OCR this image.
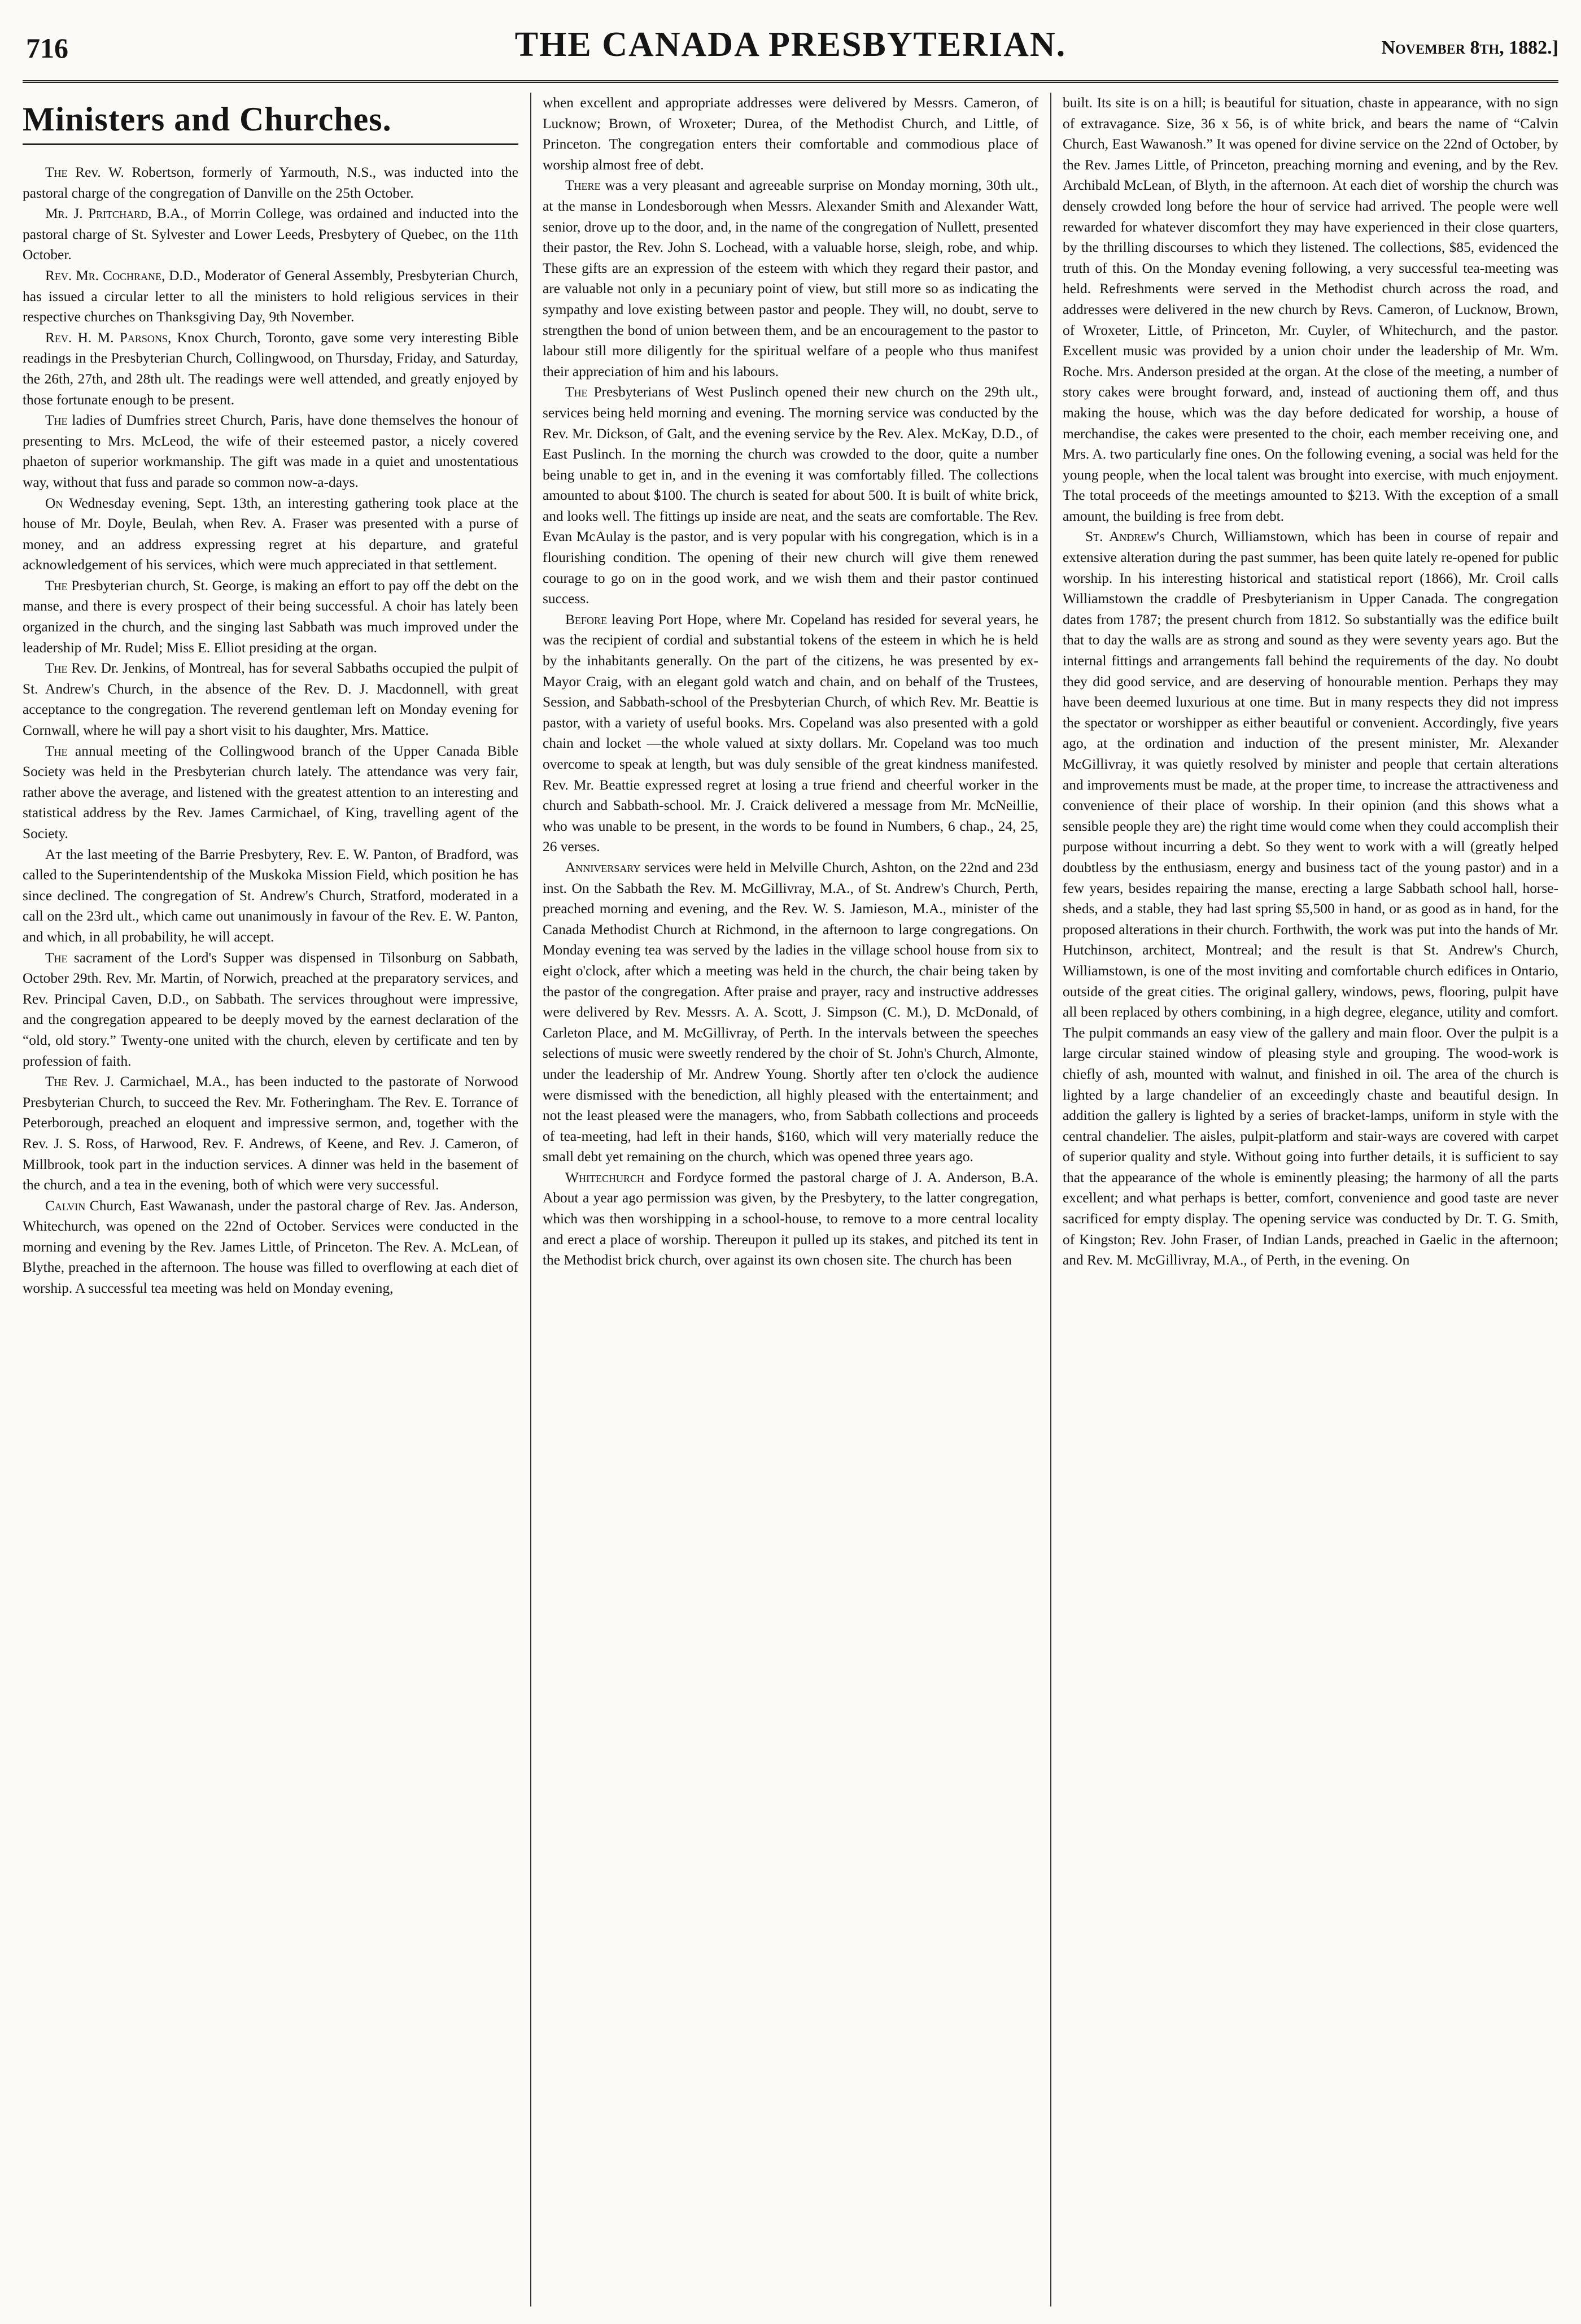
716	THE CANADA PRESBYTERIAN.	November 8th, 1882.]
Ministers and Churches.

The Rev. W. Robertson, formerly of Yarmouth, N.S., was inducted into the pastoral charge of the congregation of Danville on the 25th October.

Mr. J. Pritchard, B.A., of Morrin College, was ordained and inducted into the pastoral charge of St. Sylvester and Lower Leeds, Presbytery of Quebec, on the 11th October.

Rev. Mr. Cochrane, D.D., Moderator of General Assembly, Presbyterian Church, has issued a circular letter to all the ministers to hold religious services in their respective churches on Thanksgiving Day, 9th November.

Rev. H. M. Parsons, Knox Church, Toronto, gave some very interesting Bible readings in the Presbyterian Church, Collingwood, on Thursday, Friday, and Saturday, the 26th, 27th, and 28th ult. The readings were well attended, and greatly enjoyed by those fortunate enough to be present.

The ladies of Dumfries street Church, Paris, have done themselves the honour of presenting to Mrs. McLeod, the wife of their esteemed pastor, a nicely covered phaeton of superior workmanship. The gift was made in a quiet and unostentatious way, without that fuss and parade so common now-a-days.

On Wednesday evening, Sept. 13th, an interesting gathering took place at the house of Mr. Doyle, Beulah, when Rev. A. Fraser was presented with a purse of money, and an address expressing regret at his departure, and grateful acknowledgement of his services, which were much appreciated in that settlement.

The Presbyterian church, St. George, is making an effort to pay off the debt on the manse, and there is every prospect of their being successful. A choir has lately been organized in the church, and the singing last Sabbath was much improved under the leadership of Mr. Rudel; Miss E. Elliot presiding at the organ.

The Rev. Dr. Jenkins, of Montreal, has for several Sabbaths occupied the pulpit of St. Andrew's Church, in the absence of the Rev. D. J. Macdonnell, with great acceptance to the congregation. The reverend gentleman left on Monday evening for Cornwall, where he will pay a short visit to his daughter, Mrs. Mattice.

The annual meeting of the Collingwood branch of the Upper Canada Bible Society was held in the Presbyterian church lately. The attendance was very fair, rather above the average, and listened with the greatest attention to an interesting and statistical address by the Rev. James Carmichael, of King, travelling agent of the Society.

At the last meeting of the Barrie Presbytery, Rev. E. W. Panton, of Bradford, was called to the Superintendentship of the Muskoka Mission Field, which position he has since declined. The congregation of St. Andrew's Church, Stratford, moderated in a call on the 23rd ult., which came out unanimously in favour of the Rev. E. W. Panton, and which, in all probability, he will accept.

The sacrament of the Lord's Supper was dispensed in Tilsonburg on Sabbath, October 29th. Rev. Mr. Martin, of Norwich, preached at the preparatory services, and Rev. Principal Caven, D.D., on Sabbath. The services throughout were impressive, and the congregation appeared to be deeply moved by the earnest declaration of the “old, old story.” Twenty-one united with the church, eleven by certificate and ten by profession of faith.

The Rev. J. Carmichael, M.A., has been inducted to the pastorate of Norwood Presbyterian Church, to succeed the Rev. Mr. Fotheringham. The Rev. E. Torrance of Peterborough, preached an eloquent and impressive sermon, and, together with the Rev. J. S. Ross, of Harwood, Rev. F. Andrews, of Keene, and Rev. J. Cameron, of Millbrook, took part in the induction services. A dinner was held in the basement of the church, and a tea in the evening, both of which were very successful.

Calvin Church, East Wawanash, under the pastoral charge of Rev. Jas. Anderson, Whitechurch, was opened on the 22nd of October. Services were conducted in the morning and evening by the Rev. James Little, of Princeton. The Rev. A. McLean, of Blythe, preached in the afternoon. The house was filled to overflowing at each diet of worship. A successful tea meeting was held on Monday evening,

when excellent and appropriate addresses were delivered by Messrs. Cameron, of Lucknow; Brown, of Wroxeter; Durea, of the Methodist Church, and Little, of Princeton. The congregation enters their comfortable and commodious place of worship almost free of debt.

There was a very pleasant and agreeable surprise on Monday morning, 30th ult., at the manse in Londesborough when Messrs. Alexander Smith and Alexander Watt, senior, drove up to the door, and, in the name of the congregation of Nullett, presented their pastor, the Rev. John S. Lochead, with a valuable horse, sleigh, robe, and whip. These gifts are an expression of the esteem with which they regard their pastor, and are valuable not only in a pecuniary point of view, but still more so as indicating the sympathy and love existing between pastor and people. They will, no doubt, serve to strengthen the bond of union between them, and be an encouragement to the pastor to labour still more diligently for the spiritual welfare of a people who thus manifest their appreciation of him and his labours.

The Presbyterians of West Puslinch opened their new church on the 29th ult., services being held morning and evening. The morning service was conducted by the Rev. Mr. Dickson, of Galt, and the evening service by the Rev. Alex. McKay, D.D., of East Puslinch. In the morning the church was crowded to the door, quite a number being unable to get in, and in the evening it was comfortably filled. The collections amounted to about $100. The church is seated for about 500. It is built of white brick, and looks well. The fittings up inside are neat, and the seats are comfortable. The Rev. Evan McAulay is the pastor, and is very popular with his congregation, which is in a flourishing condition. The opening of their new church will give them renewed courage to go on in the good work, and we wish them and their pastor continued success.

Before leaving Port Hope, where Mr. Copeland has resided for several years, he was the recipient of cordial and substantial tokens of the esteem in which he is held by the inhabitants generally. On the part of the citizens, he was presented by ex-Mayor Craig, with an elegant gold watch and chain, and on behalf of the Trustees, Session, and Sabbath-school of the Presbyterian Church, of which Rev. Mr. Beattie is pastor, with a variety of useful books. Mrs. Copeland was also presented with a gold chain and locket —the whole valued at sixty dollars. Mr. Copeland was too much overcome to speak at length, but was duly sensible of the great kindness manifested. Rev. Mr. Beattie expressed regret at losing a true friend and cheerful worker in the church and Sabbath-school. Mr. J. Craick delivered a message from Mr. McNeillie, who was unable to be present, in the words to be found in Numbers, 6 chap., 24, 25, 26 verses.

Anniversary services were held in Melville Church, Ashton, on the 22nd and 23d inst. On the Sabbath the Rev. M. McGillivray, M.A., of St. Andrew's Church, Perth, preached morning and evening, and the Rev. W. S. Jamieson, M.A., minister of the Canada Methodist Church at Richmond, in the afternoon to large congregations. On Monday evening tea was served by the ladies in the village school house from six to eight o'clock, after which a meeting was held in the church, the chair being taken by the pastor of the congregation. After praise and prayer, racy and instructive addresses were delivered by Rev. Messrs. A. A. Scott, J. Simpson (C. M.), D. McDonald, of Carleton Place, and M. McGillivray, of Perth. In the intervals between the speeches selections of music were sweetly rendered by the choir of St. John's Church, Almonte, under the leadership of Mr. Andrew Young. Shortly after ten o'clock the audience were dismissed with the benediction, all highly pleased with the entertainment; and not the least pleased were the managers, who, from Sabbath collections and proceeds of tea-meeting, had left in their hands, $160, which will very materially reduce the small debt yet remaining on the church, which was opened three years ago.

Whitechurch and Fordyce formed the pastoral charge of J. A. Anderson, B.A. About a year ago permission was given, by the Presbytery, to the latter congregation, which was then worshipping in a school-house, to remove to a more central locality and erect a place of worship. Thereupon it pulled up its stakes, and pitched its tent in the Methodist brick church, over against its own chosen site. The church has been

built. Its site is on a hill; is beautiful for situation, chaste in appearance, with no sign of extravagance. Size, 36 x 56, is of white brick, and bears the name of “Calvin Church, East Wawanosh.” It was opened for divine service on the 22nd of October, by the Rev. James Little, of Princeton, preaching morning and evening, and by the Rev. Archibald McLean, of Blyth, in the afternoon. At each diet of worship the church was densely crowded long before the hour of service had arrived. The people were well rewarded for whatever discomfort they may have experienced in their close quarters, by the thrilling discourses to which they listened. The collections, $85, evidenced the truth of this. On the Monday evening following, a very successful tea-meeting was held. Refreshments were served in the Methodist church across the road, and addresses were delivered in the new church by Revs. Cameron, of Lucknow, Brown, of Wroxeter, Little, of Princeton, Mr. Cuyler, of Whitechurch, and the pastor. Excellent music was provided by a union choir under the leadership of Mr. Wm. Roche. Mrs. Anderson presided at the organ. At the close of the meeting, a number of story cakes were brought forward, and, instead of auctioning them off, and thus making the house, which was the day before dedicated for worship, a house of merchandise, the cakes were presented to the choir, each member receiving one, and Mrs. A. two particularly fine ones. On the following evening, a social was held for the young people, when the local talent was brought into exercise, with much enjoyment. The total proceeds of the meetings amounted to $213. With the exception of a small amount, the building is free from debt.

St. Andrew's Church, Williamstown, which has been in course of repair and extensive alteration during the past summer, has been quite lately re-opened for public worship. In his interesting historical and statistical report (1866), Mr. Croil calls Williamstown the craddle of Presbyterianism in Upper Canada. The congregation dates from 1787; the present church from 1812. So substantially was the edifice built that to day the walls are as strong and sound as they were seventy years ago. But the internal fittings and arrangements fall behind the requirements of the day. No doubt they did good service, and are deserving of honourable mention. Perhaps they may have been deemed luxurious at one time. But in many respects they did not impress the spectator or worshipper as either beautiful or convenient. Accordingly, five years ago, at the ordination and induction of the present minister, Mr. Alexander McGillivray, it was quietly resolved by minister and people that certain alterations and improvements must be made, at the proper time, to increase the attractiveness and convenience of their place of worship. In their opinion (and this shows what a sensible people they are) the right time would come when they could accomplish their purpose without incurring a debt. So they went to work with a will (greatly helped doubtless by the enthusiasm, energy and business tact of the young pastor) and in a few years, besides repairing the manse, erecting a large Sabbath school hall, horse-sheds, and a stable, they had last spring $5,500 in hand, or as good as in hand, for the proposed alterations in their church. Forthwith, the work was put into the hands of Mr. Hutchinson, architect, Montreal; and the result is that St. Andrew's Church, Williamstown, is one of the most inviting and comfortable church edifices in Ontario, outside of the great cities. The original gallery, windows, pews, flooring, pulpit have all been replaced by others combining, in a high degree, elegance, utility and comfort. The pulpit commands an easy view of the gallery and main floor. Over the pulpit is a large circular stained window of pleasing style and grouping. The wood-work is chiefly of ash, mounted with walnut, and finished in oil. The area of the church is lighted by a large chandelier of an exceedingly chaste and beautiful design. In addition the gallery is lighted by a series of bracket-lamps, uniform in style with the central chandelier. The aisles, pulpit-platform and stair-ways are covered with carpet of superior quality and style. Without going into further details, it is sufficient to say that the appearance of the whole is eminently pleasing; the harmony of all the parts excellent; and what perhaps is better, comfort, convenience and good taste are never sacrificed for empty display. The opening service was conducted by Dr. T. G. Smith, of Kingston; Rev. John Fraser, of Indian Lands, preached in Gaelic in the afternoon; and Rev. M. McGillivray, M.A., of Perth, in the evening. On
